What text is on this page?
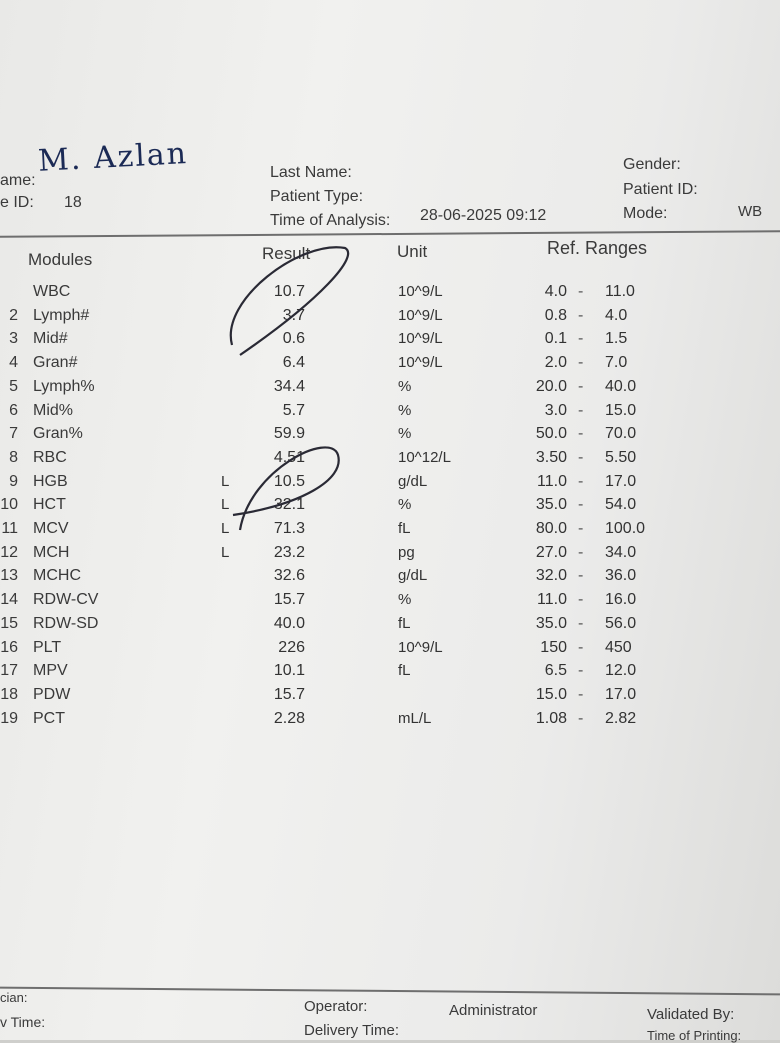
ame:
M. Azlan
e ID: 18
Last Name:
Patient Type:
Time of Analysis: 28-06-2025 09:12
Gender:
Patient ID:
Mode:	WB
Modules	Result	Unit	Ref. Ranges
WBC	10.7	10^9/L	4.0 - 11.0
2 Lymph#	3.7	10^9/L	0.8 - 4.0
3 Mid#	0.6	10^9/L	0.1 - 1.5
4 Gran#	6.4	10^9/L	2.0 - 7.0
5 Lymph%	34.4	%	20.0 - 40.0
6 Mid%	5.7	%	3.0 - 15.0
7 Gran%	59.9	%	50.0 - 70.0
8 RBC	4.51	10^12/L	3.50 - 5.50
9 HGB	L	10.5	g/dL	11.0 - 17.0
10 HCT	L	32.1	%	35.0 - 54.0
11 MCV	L	71.3	fL	80.0 - 100.0
12 MCH	L	23.2	pg	27.0 - 34.0
13 MCHC	32.6	g/dL	32.0 - 36.0
14 RDW-CV	15.7	%	11.0 - 16.0
15 RDW-SD	40.0	fL	35.0 - 56.0
16 PLT	226	10^9/L	150 - 450
17 MPV	10.1	fL	6.5 - 12.0
18 PDW	15.7	15.0 - 17.0
19 PCT	2.28	mL/L	1.08 - 2.82
cian:
v Time:
Operator:	Administrator
Delivery Time:
Validated By:
Time of Printing:
